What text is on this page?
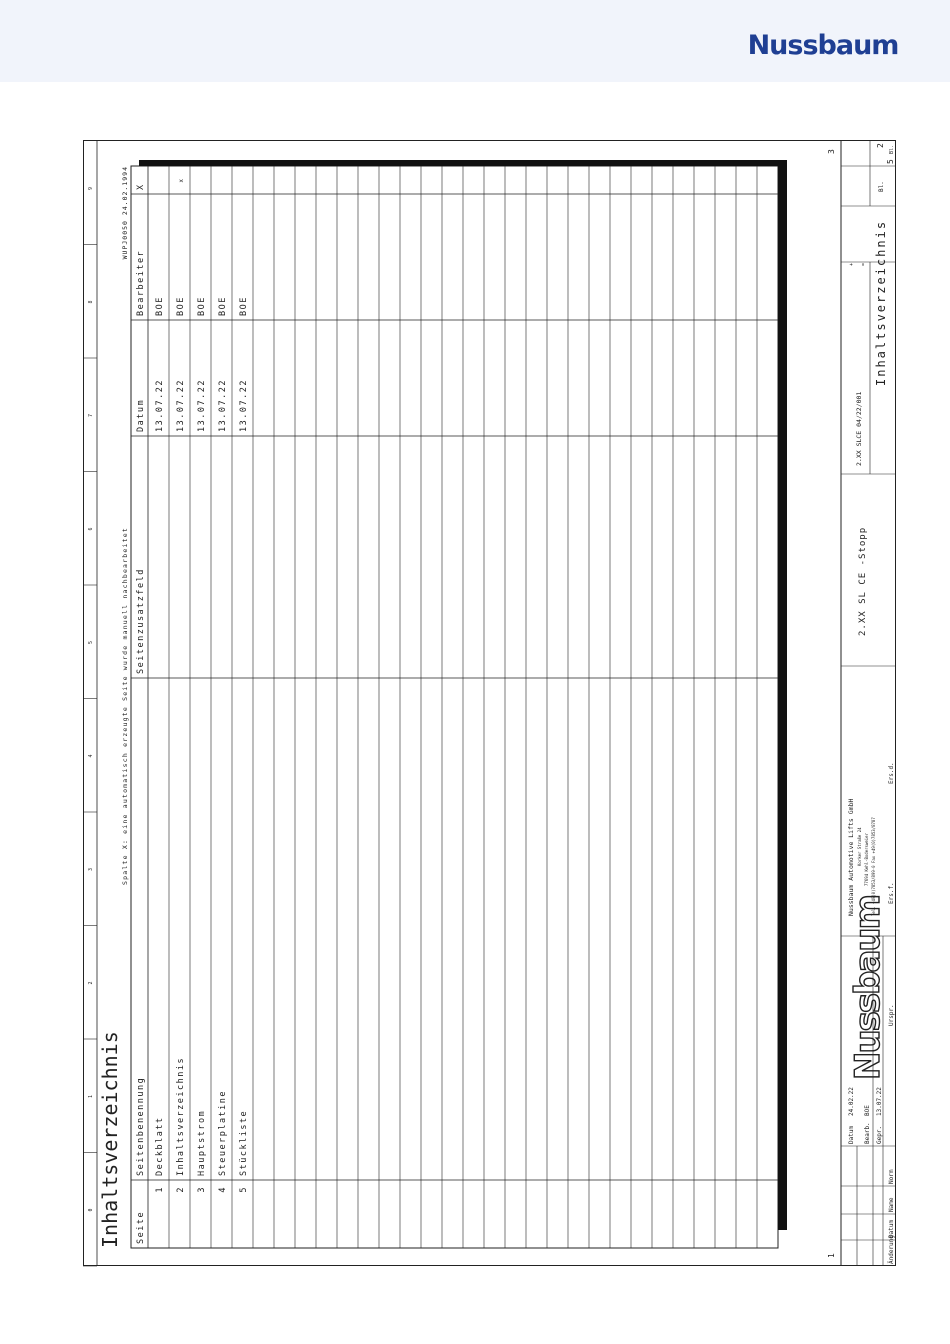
Nussbaum
0
1
2
3
4
5
6
7
8
9
Inhaltsverzeichnis
Spalte X: eine automatisch erzeugte Seite wurde manuell nachbearbeitet
WUPJ0050 24.02.1994
Seite
Seitenbenennung
Seitenzusatzfeld
Datum
Bearbeiter
X
1
Deckblatt
13.07.22
BOE
2
Inhaltsverzeichnis
13.07.22
BOE
x
3
Hauptstrom
13.07.22
BOE
4
Steuerplatine
13.07.22
BOE
5
Stückliste
13.07.22
BOE
1
3
Datum
24.02.22
Bearb.
BOE
Gepr.
13.07.22
Änderung
Datum
Name
Norm
Urspr.
Ers.f.
Ers.d.
Nussbaum
Nussbaum Automotive Lifts GmbH Korker Straße 24 77694 Kehl-Bodersweier Tel. +49(0)7853/899-0 Fax +49(0)7853/8787
2.XX SL CE -Stopp
2.XX SLCE 04/22/001
Inhaltsverzeichnis
+ =
Bl.
2
5
Bl.
